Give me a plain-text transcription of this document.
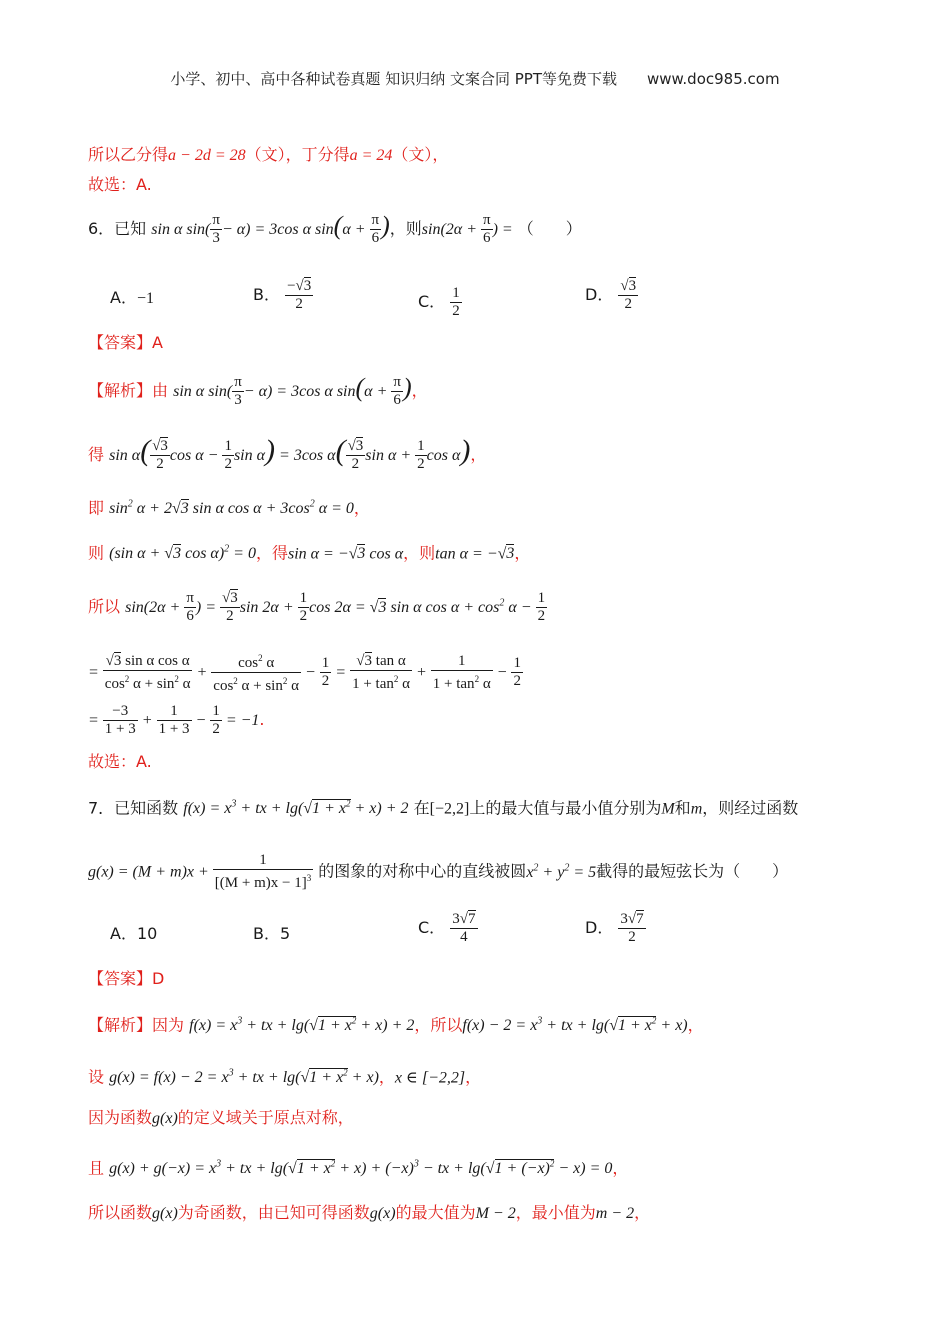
小学、初中、高中各种试卷真题 知识归纳 文案合同 PPT等免费下载　　www.doc985.com
所以乙分得a − 2d = 28（文），丁分得a = 24（文），
故选：A.
6．已知 sin α $\sin( \frac{\pi}{3} - \alpha) = 3\cos$ α $\sin(\alpha + \frac{\pi}{6}$ )，则$\sin(2\alpha + \frac{\pi}{6}$ ) = （　　）
A．−1	B． $\frac{-√3}{2}$	C． $\frac{1}{2}$	D． $\frac{√3}{2}$
【答案】A
【解析】由 sin α $\sin( \frac{\pi}{3} - \alpha) = 3\cos$ α $\sin(\alpha + \frac{\pi}{6}$ )，
得 $\sin \alpha( \frac{√3}{2}$ $\cos \alpha - \frac{1}{2}$ sin α) = 3cos $\alpha( \frac{√3}{2}$ $\sin \alpha + \frac{1}{2}$ cos α)，
即 $\sin^2 \alpha + 2√3$ sin α $\cos \alpha + 3\cos^2$ α = 0，
则 (sin α + √3 cos α)$^2$ = 0，得sin α = −√3 cos α，则tan α = −√3，
所以 $\sin(2\alpha + \frac{\pi}{6}$ ) = $\frac{√3}{2}$ $\sin 2\alpha + \frac{1}{2}$ cos 2α = √3 sin α $\cos \alpha + \cos^2 \alpha - \frac{1}{2}$
= $\frac{\text{√3 sin α cos α}}{\cos^2 \alpha + \sin^2 \alpha} + \frac{\cos^2 \alpha}{\cos^2 \alpha + \sin^2 \alpha} - \frac{1}{2} = \frac{\text{√3 tan α}}{1 + \tan^2 \alpha} + \frac{1}{1 + \tan^2 \alpha} - \frac{1}{2}$
= $\frac{-3}{1 + 3} + \frac{1}{1 + 3} - \frac{1}{2} = -1$.
故选：A.
7．已知函数 $f(x) = x^3$ + tx + $\lg(√1 + x^2 + x) + 2$ 在[−2,2]上的最大值与最小值分别为M和m，则经过函数
$g(x) = (M + m)x + \frac{1}{[(M + m)x - 1]^3}$ 的图象的对称中心的直线被圆$x^2 + y^2 = 5$截得的最短弦长为（　　）
A．10	B．5	C． $\frac{3√7}{4}$	D． $\frac{3√7}{2}$
【答案】D
【解析】因为 $f(x) = x^3$ + tx + $\lg(√1 + x^2 + x) + 2$，所以$f(x) - 2 = x^3$ + tx + $\lg(√1 + x^2 + x)$，
设 $g(x) = f(x) - 2 = x^3$ + tx + $\lg(√1 + x^2 + x)$，x ∈ [−2,2]，
因为函数g(x)的定义域关于原点对称，
且 $g(x) + g(-x) = x^3$ + tx + $\lg(√1 + x^2 + x) + (-x)^3$ − tx + $\lg(√1 + (-x)^2 - x) = 0$，
所以函数g(x)为奇函数，由已知可得函数g(x)的最大值为M − 2，最小值为m − 2，
